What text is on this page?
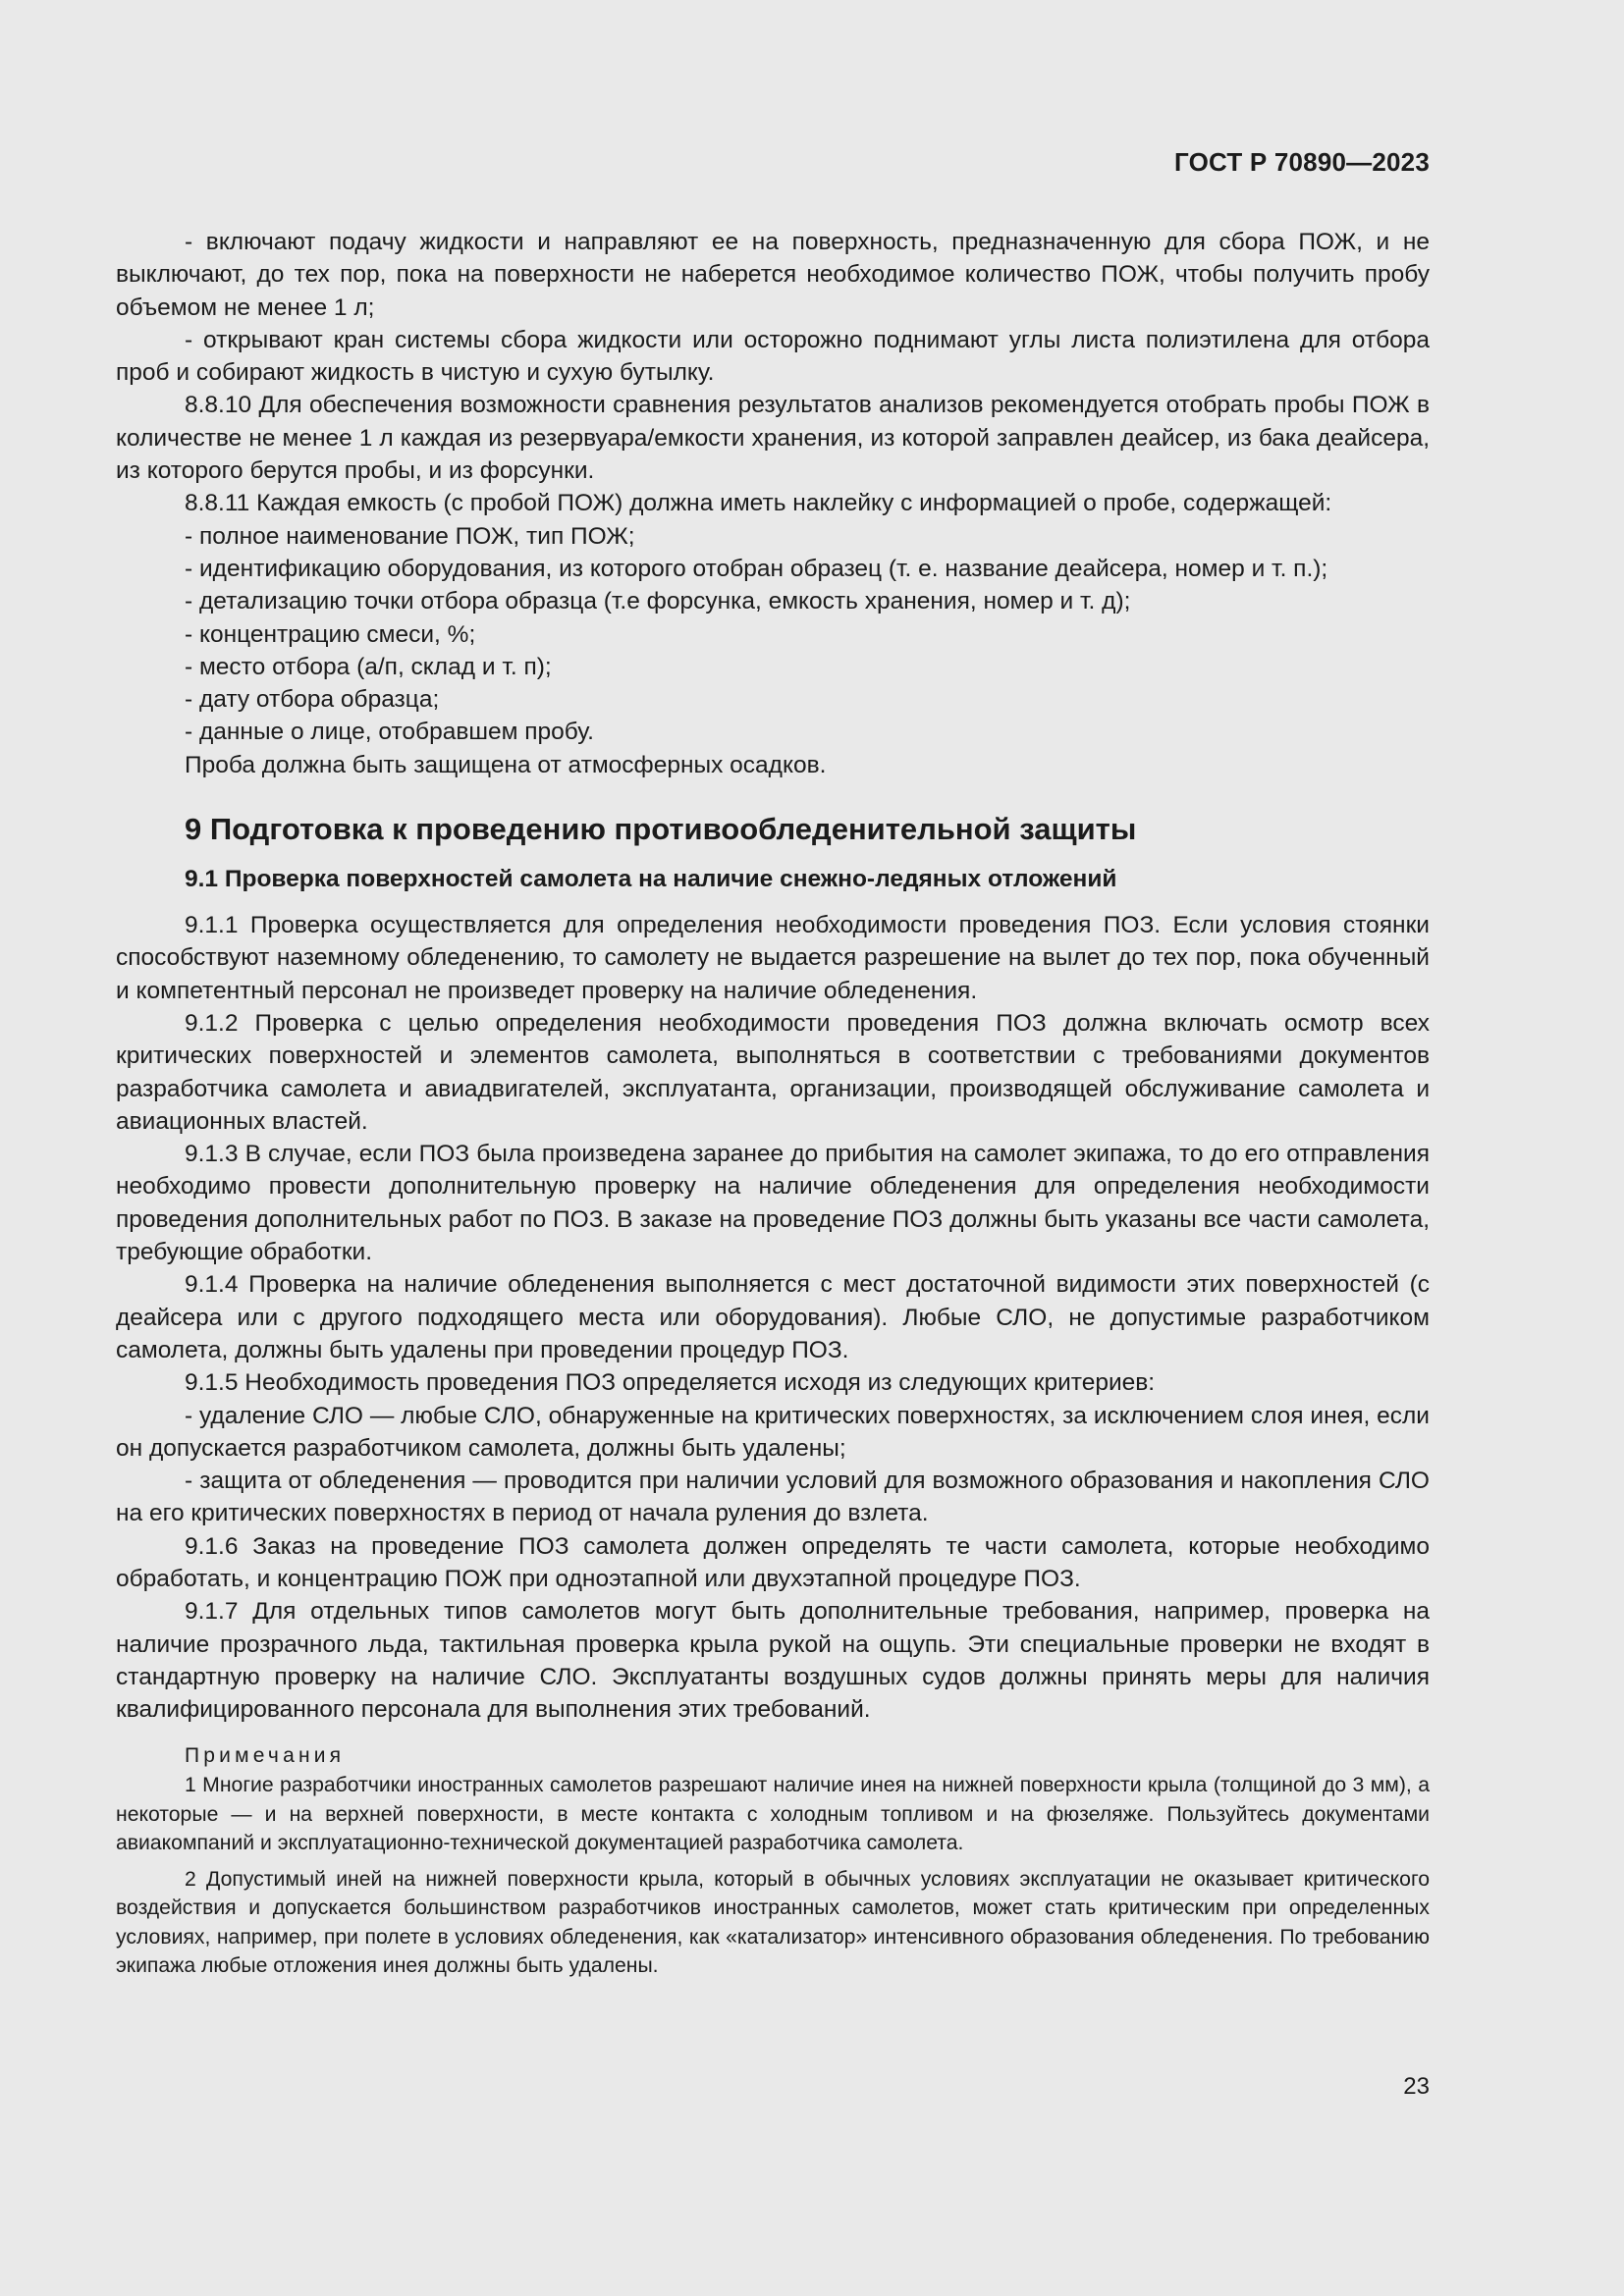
ГОСТ Р 70890—2023

- включают подачу жидкости и направляют ее на поверхность, предназначенную для сбора ПОЖ, и не выключают, до тех пор, пока на поверхности не наберется необходимое количество ПОЖ, чтобы получить пробу объемом не менее 1 л;

- открывают кран системы сбора жидкости или осторожно поднимают углы листа полиэтилена для отбора проб и собирают жидкость в чистую и сухую бутылку.

8.8.10 Для обеспечения возможности сравнения результатов анализов рекомендуется отобрать пробы ПОЖ в количестве не менее 1 л каждая из резервуара/емкости хранения, из которой заправлен деайсер, из бака деайсера, из которого берутся пробы, и из форсунки.

8.8.11 Каждая емкость (с пробой ПОЖ) должна иметь наклейку с информацией о пробе, содержащей:

- полное наименование ПОЖ, тип ПОЖ;

- идентификацию оборудования, из которого отобран образец (т. е. название деайсера, номер и т. п.);

- детализацию точки отбора образца (т.е форсунка, емкость хранения, номер и т. д);

- концентрацию смеси, %;

- место отбора (а/п, склад и т. п);

- дату отбора образца;

- данные о лице, отобравшем пробу.

Проба должна быть защищена от атмосферных осадков.

9 Подготовка к проведению противообледенительной защиты
9.1 Проверка поверхностей самолета на наличие снежно-ледяных отложений

9.1.1 Проверка осуществляется для определения необходимости проведения ПОЗ. Если условия стоянки способствуют наземному обледенению, то самолету не выдается разрешение на вылет до тех пор, пока обученный и компетентный персонал не произведет проверку на наличие обледенения.

9.1.2 Проверка с целью определения необходимости проведения ПОЗ должна включать осмотр всех критических поверхностей и элементов самолета, выполняться в соответствии с требованиями документов разработчика самолета и авиадвигателей, эксплуатанта, организации, производящей обслуживание самолета и авиационных властей.

9.1.3 В случае, если ПОЗ была произведена заранее до прибытия на самолет экипажа, то до его отправления необходимо провести дополнительную проверку на наличие обледенения для определения необходимости проведения дополнительных работ по ПОЗ. В заказе на проведение ПОЗ должны быть указаны все части самолета, требующие обработки.

9.1.4 Проверка на наличие обледенения выполняется с мест достаточной видимости этих поверхностей (с деайсера или с другого подходящего места или оборудования). Любые СЛО, не допустимые разработчиком самолета, должны быть удалены при проведении процедур ПОЗ.

9.1.5 Необходимость проведения ПОЗ определяется исходя из следующих критериев:

- удаление СЛО — любые СЛО, обнаруженные на критических поверхностях, за исключением слоя инея, если он допускается разработчиком самолета, должны быть удалены;

- защита от обледенения — проводится при наличии условий для возможного образования и накопления СЛО на его критических поверхностях в период от начала руления до взлета.

9.1.6 Заказ на проведение ПОЗ самолета должен определять те части самолета, которые необходимо обработать, и концентрацию ПОЖ при одноэтапной или двухэтапной процедуре ПОЗ.

9.1.7 Для отдельных типов самолетов могут быть дополнительные требования, например, проверка на наличие прозрачного льда, тактильная проверка крыла рукой на ощупь. Эти специальные проверки не входят в стандартную проверку на наличие СЛО. Эксплуатанты воздушных судов должны принять меры для наличия квалифицированного персонала для выполнения этих требований.

Примечания

1 Многие разработчики иностранных самолетов разрешают наличие инея на нижней поверхности крыла (толщиной до 3 мм), а некоторые — и на верхней поверхности, в месте контакта с холодным топливом и на фюзеляже. Пользуйтесь документами авиакомпаний и эксплуатационно-технической документацией разработчика самолета.

2 Допустимый иней на нижней поверхности крыла, который в обычных условиях эксплуатации не оказывает критического воздействия и допускается большинством разработчиков иностранных самолетов, может стать критическим при определенных условиях, например, при полете в условиях обледенения, как «катализатор» интенсивного образования обледенения. По требованию экипажа любые отложения инея должны быть удалены.

23
